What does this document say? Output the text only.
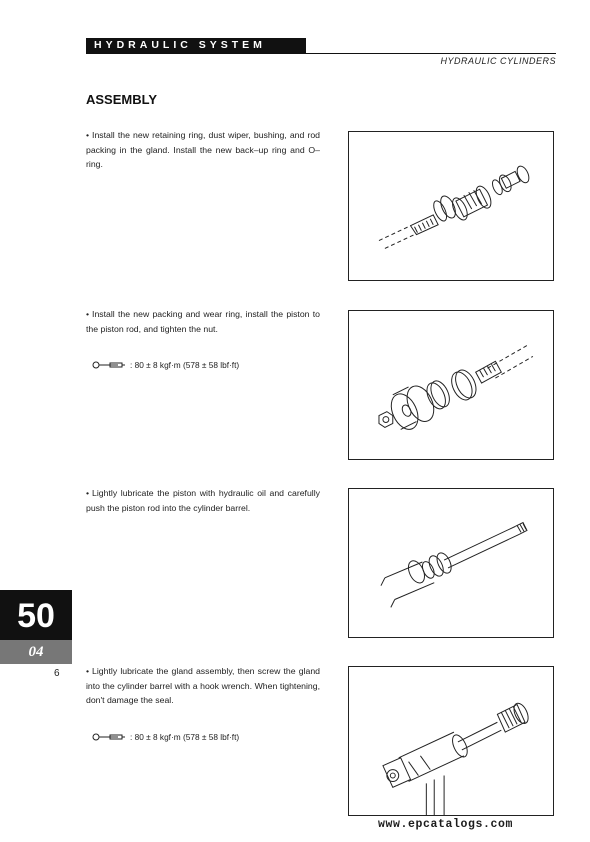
HYDRAULIC SYSTEM
HYDRAULIC CYLINDERS
ASSEMBLY
• Install the new retaining ring, dust wiper, bushing, and rod packing in the gland. Install the new back–up ring and O–ring.
• Install the new packing and wear ring, install the piston to the piston rod, and tighten the nut.
: 80 ± 8 kgf·m (578 ± 58 lbf·ft)
• Lightly lubricate the piston with hydraulic oil and carefully push the piston rod into the cylinder barrel.
• Lightly lubricate the gland assembly, then screw the gland into the cylinder barrel with a hook wrench. When tightening, don't damage the seal.
: 80 ± 8 kgf·m (578 ± 58 lbf·ft)
50
04
6
www.epcatalogs.com
